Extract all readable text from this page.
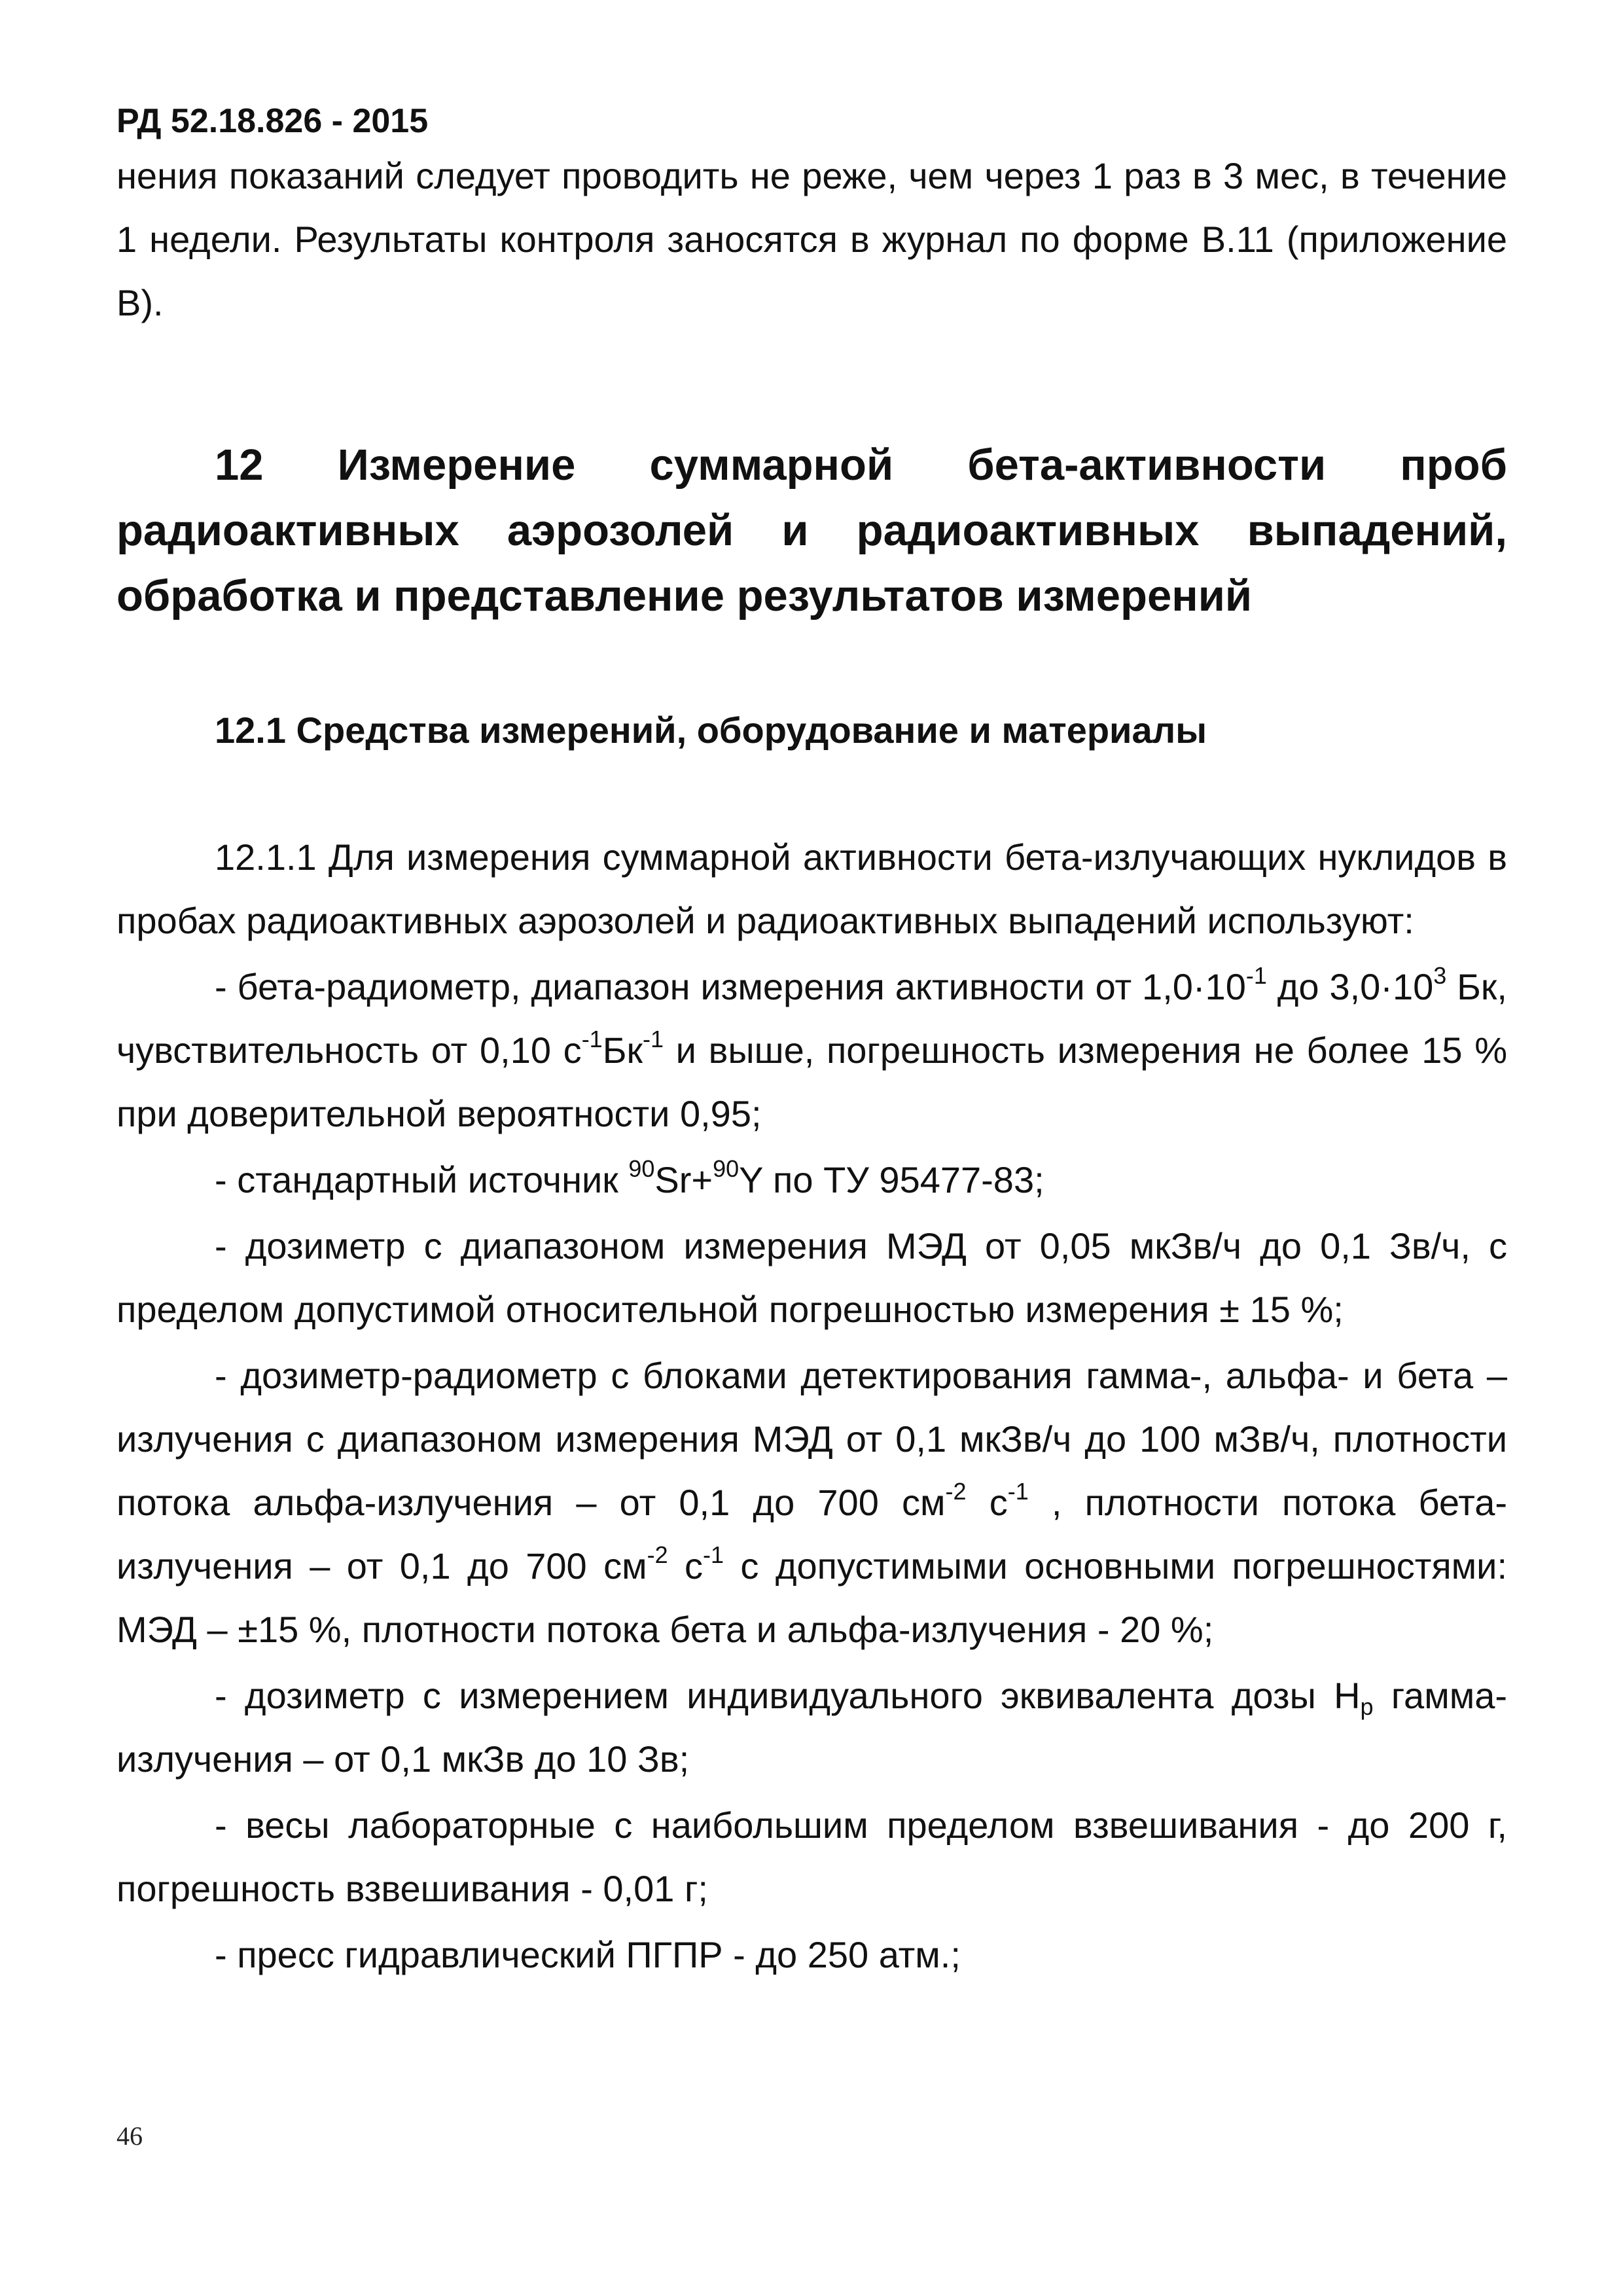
РД 52.18.826 - 2015

нения показаний следует проводить не реже, чем через 1 раз в 3 мес, в течение 1 недели. Результаты контроля заносятся в журнал по форме В.11 (приложение В).

12 Измерение суммарной бета-активности проб радиоактивных аэрозолей и радиоактивных выпадений, обработка и представление результатов измерений
12.1 Средства измерений, оборудование и материалы

12.1.1 Для измерения суммарной активности бета-излучающих нуклидов в пробах радиоактивных аэрозолей и радиоактивных выпадений используют:

- бета-радиометр, диапазон измерения активности от $1,0\cdot 10^{-1}$ до $3,0\cdot 10^3$ Бк, чувствительность от 0,10 $с^{-1}Бк^{-1}$ и выше, погрешность измерения не более 15 % при доверительной вероятности 0,95;
- стандартный источник $^{90}$Sr+$^{90}$Y по ТУ 95477-83;
- дозиметр с диапазоном измерения МЭД от 0,05 мкЗв/ч до 0,1 Зв/ч, с пределом допустимой относительной погрешностью измерения ± 15 %;
- дозиметр-радиометр с блоками детектирования гамма-, альфа- и бета – излучения с диапазоном измерения МЭД от 0,1 мкЗв/ч до 100 мЗв/ч, плотности потока альфа-излучения – от 0,1 до 700 $см^{-2}$ $с^{-1}$ , плотности потока бета-излучения – от 0,1 до 700 $см^{-2}$ $с^{-1}$ с допустимыми основными погрешностями: МЭД – ±15 %, плотности потока бета и альфа-излучения - 20 %;
- дозиметр с измерением индивидуального эквивалента дозы $Н_р$ гамма-излучения – от 0,1 мкЗв до 10 Зв;
- весы лабораторные с наибольшим пределом взвешивания - до 200 г, погрешность взвешивания - 0,01 г;
- пресс гидравлический ПГПР - до 250 атм.;
46
